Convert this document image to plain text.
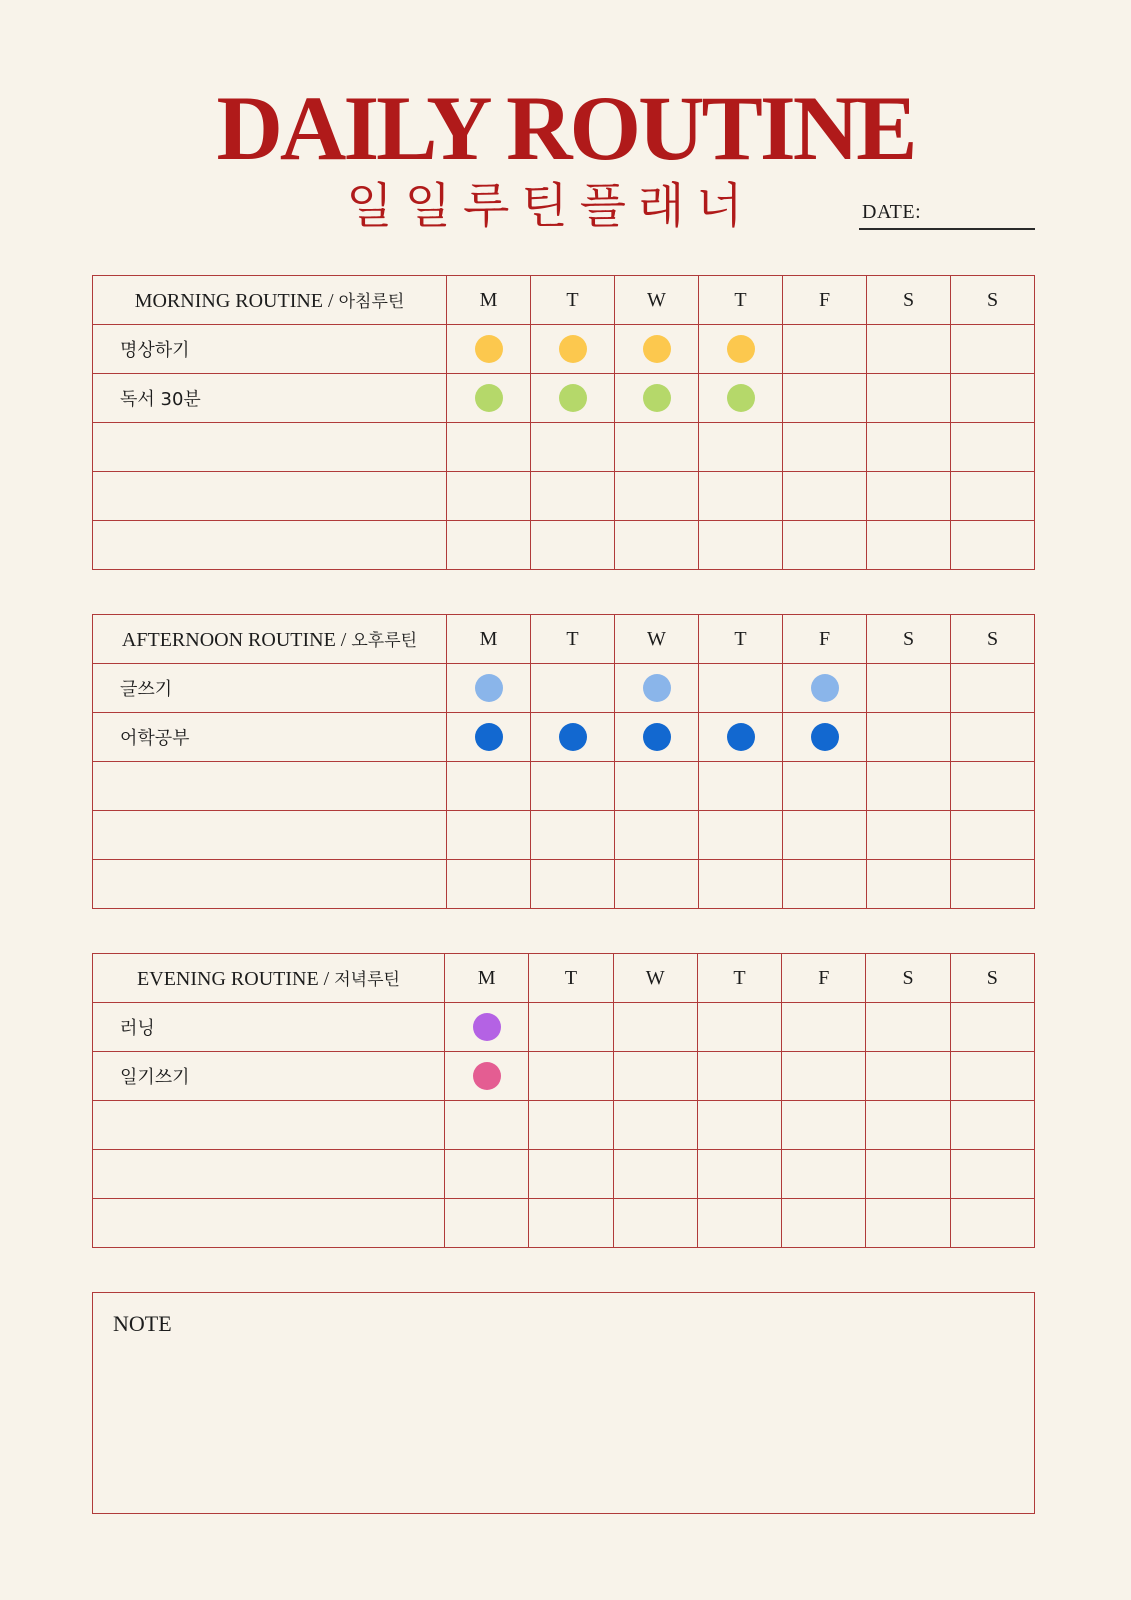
DAILY ROUTINE
일일루틴플래너	DATE:
MORNING ROUTINE / 아침루틴	M	T	W	T	F	S	S
명상하기							
독서 30분							

AFTERNOON ROUTINE / 오후루틴	M	T	W	T	F	S	S
글쓰기							
어학공부							

EVENING ROUTINE / 저녁루틴	M	T	W	T	F	S	S
러닝							
일기쓰기							

NOTE
